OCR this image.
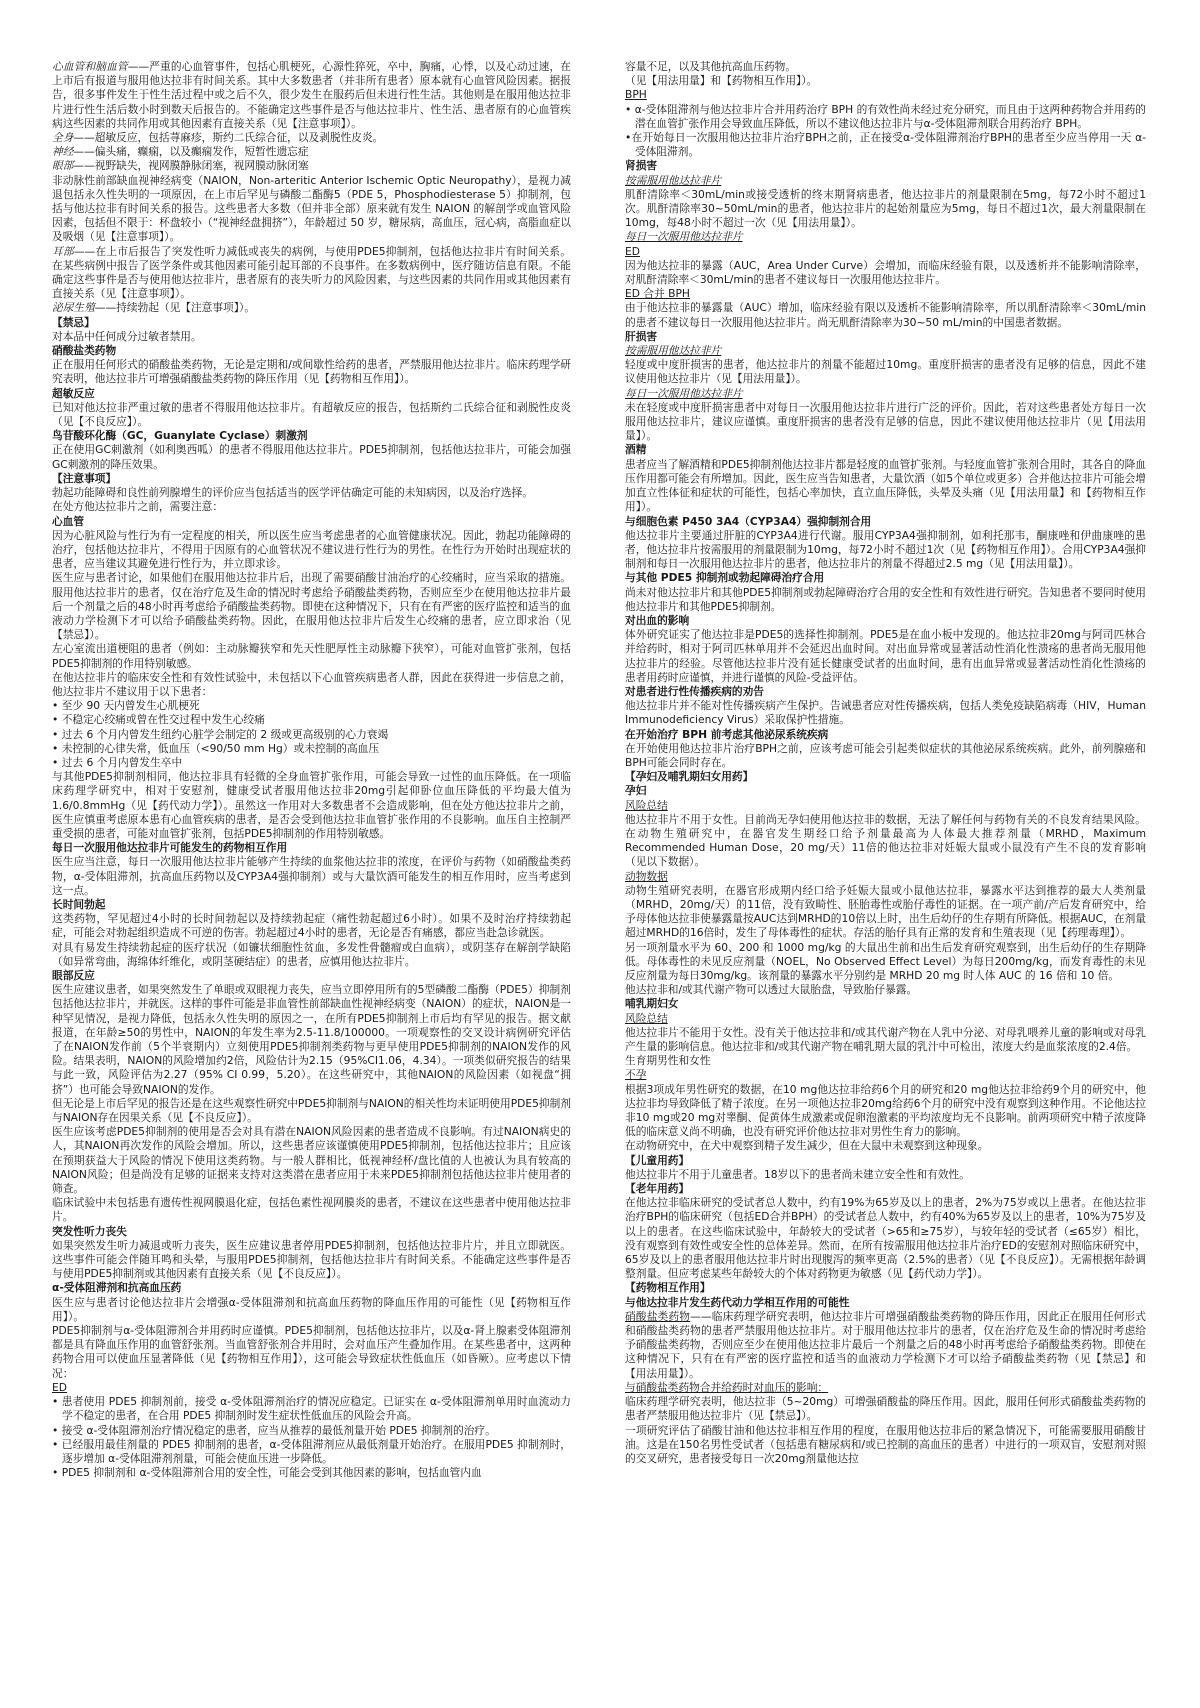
心血管和脑血管——严重的心血管事件，包括心肌梗死，心源性猝死，卒中，胸痛，心悸，以及心动过速，在上市后有报道与服用他达拉非有时间关系。其中大多数患者（并非所有患者）原本就有心血管风险因素。据报告，很多事件发生于性生活过程中或之后不久，很少发生在服药后但未进行性生活。其他则是在服用他达拉非片进行性生活后数小时到数天后报告的。不能确定这些事件是否与他达拉非片、性生活、患者原有的心血管疾病这些因素的共同作用或其他因素有直接关系（见【注意事项】）。

全身——超敏反应，包括荨麻疹，斯约二氏综合征，以及剥脱性皮炎。

神经——偏头痛，癫痫，以及癫痫发作，短暂性遗忘症

眼部——视野缺失，视网膜静脉闭塞，视网膜动脉闭塞

非动脉性前部缺血视神经病变（NAION，Non-arteritic Anterior Ischemic Optic Neuropathy），是视力减退包括永久性失明的一项原因，在上市后罕见与磷酸二酯酶5（PDE 5，Phosphodiesterase 5）抑制剂，包括与他达拉非有时间关系的报告。这些患者大多数（但并非全部）原来就有发生 NAION 的解剖学或血管风险因素，包括但不限于：杯盘较小（“视神经盘拥挤”），年龄超过 50 岁，糖尿病，高血压，冠心病，高脂血症以及吸烟（见【注意事项】）。

耳部——在上市后报告了突发性听力减低或丧失的病例，与使用PDE5抑制剂，包括他达拉非片有时间关系。在某些病例中报告了医学条件或其他因素可能引起耳部的不良事件。在多数病例中，医疗随访信息有限。不能确定这些事件是否与使用他达拉非片，患者原有的丧失听力的风险因素，与这些因素的共同作用或其他因素有直接关系（见【注意事项】）。

泌尿生殖——持续勃起（见【注意事项】）。

【禁忌】

对本品中任何成分过敏者禁用。

硝酸盐类药物

正在服用任何形式的硝酸盐类药物，无论是定期和/或间歇性给药的患者，严禁服用他达拉非片。临床药理学研究表明，他达拉非片可增强硝酸盐类药物的降压作用（见【药物相互作用】）。

超敏反应

已知对他达拉非严重过敏的患者不得服用他达拉非片。有超敏反应的报告，包括斯约二氏综合征和剥脱性皮炎（见【不良反应】）。

鸟苷酸环化酶（GC，Guanylate Cyclase）刺激剂

正在使用GC刺激剂（如利奥西呱）的患者不得服用他达拉非片。PDE5抑制剂，包括他达拉非片，可能会加强GC刺激剂的降压效果。

【注意事项】

勃起功能障碍和良性前列腺增生的评价应当包括适当的医学评估确定可能的未知病因，以及治疗选择。

在处方他达拉非片之前，需要注意：

心血管

因为心脏风险与性行为有一定程度的相关，所以医生应当考虑患者的心血管健康状况。因此，勃起功能障碍的治疗，包括他达拉非片，不得用于因原有的心血管状况不建议进行性行为的男性。在性行为开始时出现症状的患者，应当建议其避免进行性行为，并立即求诊。

医生应与患者讨论，如果他们在服用他达拉非片后，出现了需要硝酸甘油治疗的心绞痛时，应当采取的措施。服用他达拉非片的患者，仅在治疗危及生命的情况时考虑给予硝酸盐类药物，否则应至少在使用他达拉非片最后一个剂量之后的48小时再考虑给予硝酸盐类药物。即使在这种情况下，只有在有严密的医疗监控和适当的血液动力学检测下才可以给予硝酸盐类药物。因此，在服用他达拉非片后发生心绞痛的患者，应立即求治（见【禁忌】）。

左心室流出道梗阻的患者（例如：主动脉瓣狭窄和先天性肥厚性主动脉瓣下狭窄），可能对血管扩张剂，包括PDE5抑制剂的作用特别敏感。

在他达拉非片的临床安全性和有效性试验中，未包括以下心血管疾病患者人群，因此在获得进一步信息之前，他达拉非片不建议用于以下患者：

• 至少 90 天内曾发生心肌梗死

• 不稳定心绞痛或曾在性交过程中发生心绞痛

• 过去 6 个月内曾发生纽约心脏学会制定的 2 级或更高级别的心力衰竭

• 未控制的心律失常，低血压（<90/50 mm Hg）或未控制的高血压

• 过去 6 个月内曾发生卒中

与其他PDE5抑制剂相同，他达拉非具有轻微的全身血管扩张作用，可能会导致一过性的血压降低。在一项临床药理学研究中，相对于安慰剂，健康受试者服用他达拉非20mg引起仰卧位血压降低的平均最大值为1.6/0.8mmHg（见【药代动力学】）。虽然这一作用对大多数患者不会造成影响，但在处方他达拉非片之前，医生应慎重考虑原本患有心血管疾病的患者，是否会受到他达拉非血管扩张作用的不良影响。血压自主控制严重受损的患者，可能对血管扩张剂，包括PDE5抑制剂的作用特别敏感。

每日一次服用他达拉非片可能发生的药物相互作用

医生应当注意，每日一次服用他达拉非片能够产生持续的血浆他达拉非的浓度，在评价与药物（如硝酸盐类药物，α-受体阻滞剂，抗高血压药物以及CYP3A4强抑制剂）或与大量饮酒可能发生的相互作用时，应当考虑到这一点。

长时间勃起

这类药物，罕见超过4小时的长时间勃起以及持续勃起症（痛性勃起超过6小时）。如果不及时治疗持续勃起症，可能会对勃起组织造成不可逆的伤害。勃起超过4小时的患者，无论是否有痛感，都应当赴急诊就医。

对具有易发生持续勃起症的医疗状况（如镰状细胞性贫血，多发性骨髓瘤或白血病），或阴茎存在解剖学缺陷（如异常弯曲，海绵体纤维化，或阴茎硬结症）的患者，应慎用他达拉非片。

眼部反应

医生应建议患者，如果突然发生了单眼或双眼视力丧失，应当立即停用所有的5型磷酸二酯酶（PDE5）抑制剂包括他达拉非片，并就医。这样的事件可能是非血管性前部缺血性视神经病变（NAION）的症状，NAION是一种罕见情况，是视力降低，包括永久性失明的原因之一，在所有PDE5抑制剂上市后均有罕见的报告。据文献报道，在年龄≥50的男性中，NAION的年发生率为2.5-11.8/100000。一项观察性的交叉设计病例研究评估了在NAION发作前（5个半衰期内）立刻使用PDE5抑制剂类药物与更早使用PDE5抑制剂的NAION发作的风险。结果表明，NAION的风险增加约2倍，风险估计为2.15（95%CI1.06，4.34）。一项类似研究报告的结果与此一致，风险评估为2.27（95% CI 0.99，5.20）。在这些研究中，其他NAION的风险因素（如视盘“拥挤”）也可能会导致NAION的发作。

但无论是上市后罕见的报告还是在这些观察性研究中PDE5抑制剂与NAION的相关性均未证明使用PDE5抑制剂与NAION存在因果关系（见【不良反应】）。

医生应该考虑PDE5抑制剂的使用是否会对具有潜在NAION风险因素的患者造成不良影响。有过NAION病史的人，其NAION再次发作的风险会增加。所以，这些患者应该谨慎使用PDE5抑制剂，包括他达拉非片；且应该在预期获益大于风险的情况下使用这类药物。与一般人群相比，低视神经杯/盘比值的人也被认为具有较高的NAION风险；但是尚没有足够的证据来支持对这类潜在患者应用于未来PDE5抑制剂包括他达拉非片使用者的筛查。

临床试验中未包括患有遗传性视网膜退化症，包括色素性视网膜炎的患者，不建议在这些患者中使用他达拉非片。

突发性听力丧失

如果突然发生听力减退或听力丧失，医生应建议患者停用PDE5抑制剂，包括他达拉非片片，并且立即就医。这些事件可能会伴随耳鸣和头晕，与服用PDE5抑制剂，包括他达拉非片有时间关系。不能确定这些事件是否与使用PDE5抑制剂或其他因素有直接关系（见【不良反应】）。

α-受体阻滞剂和抗高血压药

医生应与患者讨论他达拉非片会增强α-受体阻滞剂和抗高血压药物的降血压作用的可能性（见【药物相互作用】）。

PDE5抑制剂与α-受体阻滞剂合并用药时应谨慎。PDE5抑制剂，包括他达拉非片，以及α-肾上腺素受体阻滞剂都是具有降血压作用的血管舒张剂。当血管舒张剂合并用时，会对血压产生叠加作用。在某些患者中，这两种药物合用可以使血压显著降低（见【药物相互作用】），这可能会导致症状性低血压（如昏厥）。应考虑以下情况：

ED

• 患者使用 PDE5 抑制剂前，接受 α-受体阻滞剂治疗的情况应稳定。已证实在 α-受体阻滞剂单用时血流动力学不稳定的患者，在合用 PDE5 抑制剂时发生症状性低血压的风险会升高。

• 接受 α-受体阻滞剂治疗情况稳定的患者，应当从推荐的最低剂量开始 PDE5 抑制剂的治疗。

• 已经服用最佳剂量的 PDE5 抑制剂的患者，α-受体阻滞剂应从最低剂量开始治疗。在服用PDE5 抑制剂时，逐步增加 α-受体阻滞剂剂量，可能会使血压进一步降低。

• PDE5 抑制剂和 α-受体阻滞剂合用的安全性，可能会受到其他因素的影响，包括血管内血

容量不足，以及其他抗高血压药物。

（见【用法用量】和【药物相互作用】）。

BPH

• α-受体阻滞剂与他达拉非片合并用药治疗 BPH 的有效性尚未经过充分研究，而且由于这两种药物合并用药的潜在血管扩张作用会导致血压降低，所以不建议他达拉非片与α-受体阻滞剂联合用药治疗 BPH。

•在开始每日一次服用他达拉非片治疗BPH之前，正在接受α-受体阻滞剂治疗BPH的患者至少应当停用一天 α-受体阻滞剂。

肾损害

按需服用他达拉非片

肌酐清除率＜30mL/min或接受透析的终末期肾病患者，他达拉非片的剂量限制在5mg，每72小时不超过1次。肌酐清除率30~50mL/min的患者，他达拉非片的起始剂量应为5mg，每日不超过1次，最大剂量限制在10mg，每48小时不超过一次（见【用法用量】）。

每日一次服用他达拉非片

ED

因为他达拉非的暴露（AUC，Area Under Curve）会增加，而临床经验有限，以及透析并不能影响清除率，对肌酐清除率＜30mL/min的患者不建议每日一次服用他达拉非片。

ED 合并 BPH

由于他达拉非的暴露量（AUC）增加，临床经验有限以及透析不能影响清除率，所以肌酐清除率＜30mL/min的患者不建议每日一次服用他达拉非片。尚无肌酐清除率为30~50 mL/min的中国患者数据。

肝损害

按需服用他达拉非片

轻度或中度肝损害的患者，他达拉非片的剂量不能超过10mg。重度肝损害的患者没有足够的信息，因此不建议使用他达拉非片（见【用法用量】）。

每日一次服用他达拉非片

未在轻度或中度肝损害患者中对每日一次服用他达拉非片进行广泛的评价。因此，若对这些患者处方每日一次服用他达拉非片，建议应谨慎。重度肝损害的患者没有足够的信息，因此不建议使用他达拉非片（见【用法用量】）。

酒精

患者应当了解酒精和PDE5抑制剂他达拉非片都是轻度的血管扩张剂。与轻度血管扩张剂合用时，其各自的降血压作用都可能会有所增加。因此，医生应当告知患者，大量饮酒（如5个单位或更多）合并他达拉非片可能会增加直立性体征和症状的可能性，包括心率加快，直立血压降低，头晕及头痛（见【用法用量】和【药物相互作用】）。

与细胞色素 P450 3A4（CYP3A4）强抑制剂合用

他达拉非片主要通过肝脏的CYP3A4进行代谢。服用CYP3A4强抑制剂，如利托那韦，酮康唑和伊曲康唑的患者，他达拉非片按需服用的剂量限制为10mg，每72小时不超过1次（见【药物相互作用】）。合用CYP3A4强抑制剂和每日一次服用他达拉非片的患者，他达拉非片的剂量不得超过2.5 mg（见【用法用量】）。

与其他 PDE5 抑制剂或勃起障碍治疗合用

尚未对他达拉非片和其他PDE5抑制剂或勃起障碍治疗合用的安全性和有效性进行研究。告知患者不要同时使用他达拉非片和其他PDE5抑制剂。

对出血的影响

体外研究证实了他达拉非是PDE5的选择性抑制剂。PDE5是在血小板中发现的。他达拉非20mg与阿司匹林合并给药时，相对于阿司匹林单用并不会延迟出血时间。对出血异常或显著活动性消化性溃疡的患者尚无服用他达拉非片的经验。尽管他达拉非片没有延长健康受试者的出血时间，患有出血异常或显著活动性消化性溃疡的患者用药时应谨慎，并进行谨慎的风险-受益评估。

对患者进行性传播疾病的劝告

他达拉非片并不能对性传播疾病产生保护。告诫患者应对性传播疾病，包括人类免疫缺陷病毒（HIV，Human Immunodeficiency Virus）采取保护性措施。

在开始治疗 BPH 前考虑其他泌尿系统疾病

在开始使用他达拉非片治疗BPH之前，应该考虑可能会引起类似症状的其他泌尿系统疾病。此外，前列腺癌和BPH可能会同时存在。

【孕妇及哺乳期妇女用药】

孕妇

风险总结

他达拉非片不用于女性。目前尚无孕妇使用他达拉非的数据，无法了解任何与药物有关的不良发育结果风险。在动物生殖研究中，在器官发生期经口给予剂量最高为人体最大推荐剂量（MRHD，Maximum Recommended Human Dose，20 mg/天）11倍的他达拉非对妊娠大鼠或小鼠没有产生不良的发育影响（见以下数据）。

动物数据

动物生殖研究表明，在器官形成期内经口给予妊娠大鼠或小鼠他达拉非，暴露水平达到推荐的最大人类剂量（MRHD，20mg/天）的11倍，没有致畸性、胚胎毒性或胎仔毒性的证据。在一项产前/产后发育研究中，给予母体他达拉非使暴露量按AUC达到MRHD的10倍以上时，出生后幼仔的生存期有所降低。根据AUC，在剂量超过MRHD的16倍时，发生了母体毒性的症状。存活的胎仔具有正常的发育和生殖表现（见【药理毒理】）。

另一项剂量水平为 60、200 和 1000 mg/kg 的大鼠出生前和出生后发育研究观察到，出生后幼仔的生存期降低。母体毒性的未见反应剂量（NOEL，No Observed Effect Level）为每日200mg/kg，而发育毒性的未见反应剂量为每日30mg/kg。该剂量的暴露水平分别约是 MRHD 20 mg 时人体 AUC 的 16 倍和 10 倍。

他达拉非和/或其代谢产物可以透过大鼠胎盘，导致胎仔暴露。

哺乳期妇女

风险总结

他达拉非片不能用于女性。没有关于他达拉非和/或其代谢产物在人乳中分泌、对母乳喂养儿童的影响或对母乳产生量的影响信息。他达拉非和/或其代谢产物在哺乳期大鼠的乳汁中可检出，浓度大约是血浆浓度的2.4倍。

生育期男性和女性

不孕

根据3项成年男性研究的数据，在10 mg他达拉非给药6个月的研究和20 mg他达拉非给药9个月的研究中，他达拉非均导致降低了精子浓度。在另一项他达拉非20mg给药6个月的研究中没有观察到这种作用。不论他达拉非10 mg或20 mg对睾酮、促黄体生成激素或促卵泡激素的平均浓度均无不良影响。前两项研究中精子浓度降低的临床意义尚不明确，也没有研究评价他达拉非对男性生育力的影响。

在动物研究中，在犬中观察到精子发生减少，但在大鼠中未观察到这种现象。

【儿童用药】

他达拉非片不用于儿童患者。18岁以下的患者尚未建立安全性和有效性。

【老年用药】

在他达拉非临床研究的受试者总人数中，约有19%为65岁及以上的患者，2%为75岁或以上患者。在他达拉非治疗BPH的临床研究（包括ED合并BPH）的受试者总人数中，约有40%为65岁及以上的患者，10%为75岁及以上的患者。在这些临床试验中，年龄较大的受试者（>65和≥75岁），与较年轻的受试者（≤65岁）相比，没有观察到有效性或安全性的总体差异。然而，在所有按需服用他达拉非片治疗ED的安慰剂对照临床研究中，65岁及以上的患者服用他达拉非片时出现腹泻的频率更高（2.5%的患者）（见【不良反应】）。无需根据年龄调整剂量。但应考虑某些年龄较大的个体对药物更为敏感（见【药代动力学】）。

【药物相互作用】

与他达拉非片发生药代动力学相互作用的可能性

硝酸盐类药物——临床药理学研究表明，他达拉非片可增强硝酸盐类药物的降压作用，因此正在服用任何形式和硝酸盐类药物的患者严禁服用他达拉非片。对于服用他达拉非片的患者，仅在治疗危及生命的情况时考虑给予硝酸盐类药物，否则应至少在使用他达拉非片最后一个剂量之后的48小时再考虑给予硝酸盐类药物。即使在这种情况下，只有在有严密的医疗监控和适当的血液动力学检测下才可以给予硝酸盐类药物（见【禁忌】和【用法用量】）。

与硝酸盐类药物合并给药时对血压的影响：

临床药理学研究表明，他达拉非（5~20mg）可增强硝酸盐的降压作用。因此，服用任何形式硝酸盐类药物的患者严禁服用他达拉非片（见【禁忌】）。

一项研究评估了硝酸甘油和他达拉非相互作用的程度，在服用他达拉非后的紧急情况下，可能需要服用硝酸甘油。这是在150名男性受试者（包括患有糖尿病和/或已控制的高血压的患者）中进行的一项双盲，安慰剂对照的交叉研究，患者接受每日一次20mg剂量他达拉
